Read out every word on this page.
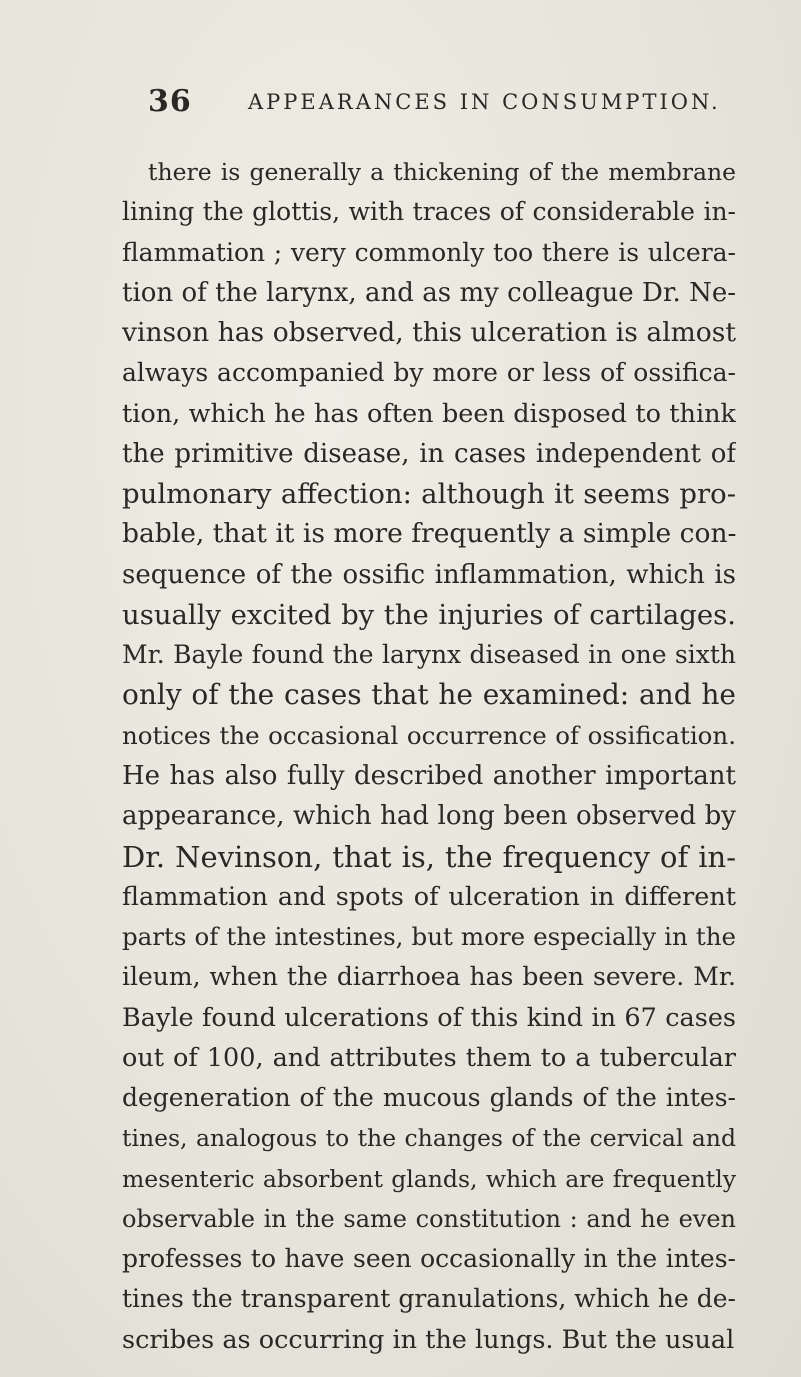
36	APPEARANCES IN CONSUMPTION.
there is generally a thickening of the membrane
lining the glottis, with traces of considerable in-
flammation ; very commonly too there is ulcera-
tion of the larynx, and as my colleague Dr. Ne-
vinson has observed, this ulceration is almost
always accompanied by more or less of ossifica-
tion, which he has often been disposed to think
the primitive disease, in cases independent of
pulmonary affection: although it seems pro-
bable, that it is more frequently a simple con-
sequence of the ossific inflammation, which is
usually excited by the injuries of cartilages.
Mr. Bayle found the larynx diseased in one sixth
only of the cases that he examined: and he
notices the occasional occurrence of ossification.
He has also fully described another important
appearance, which had long been observed by
Dr. Nevinson, that is, the frequency of in-
flammation and spots of ulceration in different
parts of the intestines, but more especially in the
ileum, when the diarrhoea has been severe. Mr.
Bayle found ulcerations of this kind in 67 cases
out of 100, and attributes them to a tubercular
degeneration of the mucous glands of the intes-
tines, analogous to the changes of the cervical and
mesenteric absorbent glands, which are frequently
observable in the same constitution : and he even
professes to have seen occasionally in the intes-
tines the transparent granulations, which he de-
scribes as occurring in the lungs. But the usual
